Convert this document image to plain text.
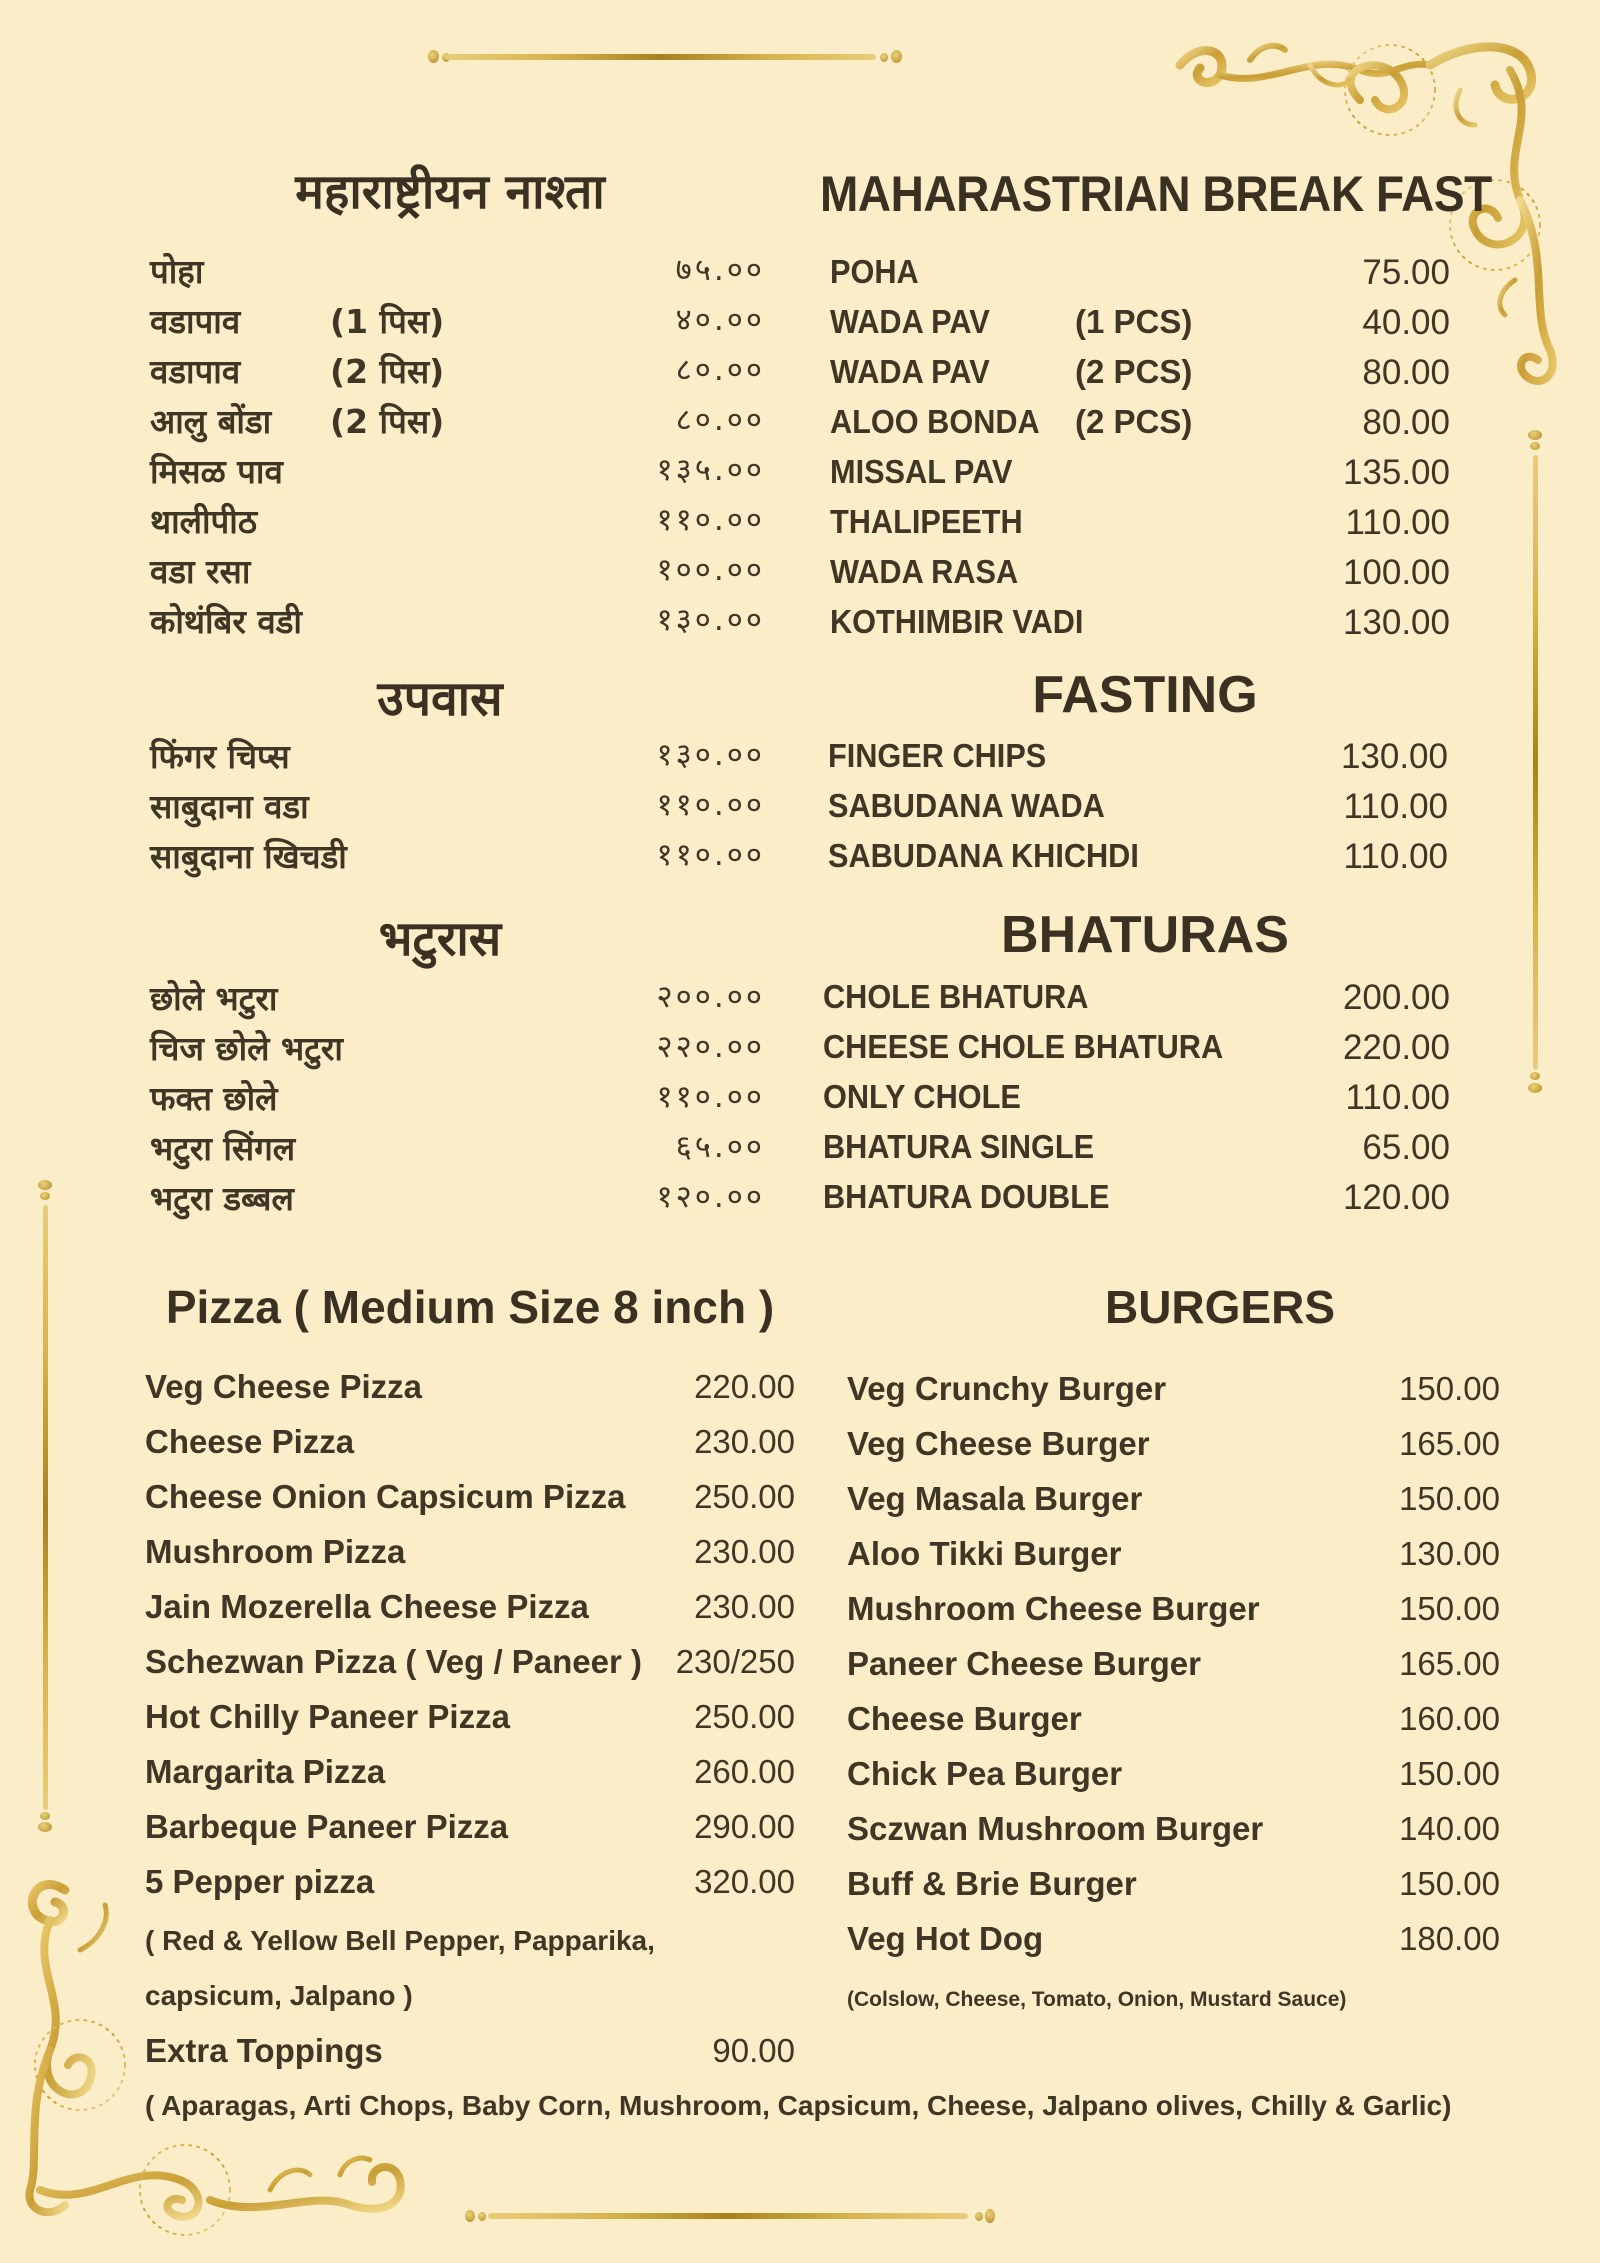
महाराष्ट्रीयन नाश्ता
पोहा	७५.००
वडापाव	(1 पिस)	४०.००
वडापाव	(2 पिस)	८०.००
आलु बोंडा (2 पिस)	८०.००
मिसळ पाव	१३५.००
थालीपीठ	११०.००
वडा रसा	१००.००
कोथंबिर वडी	१३०.००
MAHARASTRIAN BREAK FAST
POHA	75.00
WADA PAV	(1 PCS)	40.00
WADA PAV	(2 PCS)	80.00
ALOO BONDA (2 PCS)	80.00
MISSAL PAV	135.00
THALIPEETH	110.00
WADA RASA	100.00
KOTHIMBIR VADI	130.00
उपवास
फिंगर चिप्स	१३०.००
साबुदाना वडा	११०.००
साबुदाना खिचडी	११०.००
FASTING
FINGER CHIPS	130.00
SABUDANA WADA	110.00
SABUDANA KHICHDI	110.00
भटुरास
छोले भटुरा	२००.००
चिज छोले भटुरा	२२०.००
फक्त छोले	११०.००
भटुरा सिंगल	६५.००
भटुरा डब्बल	१२०.००
BHATURAS
CHOLE BHATURA	200.00
CHEESE CHOLE BHATURA	220.00
ONLY CHOLE	110.00
BHATURA SINGLE	65.00
BHATURA DOUBLE	120.00
Pizza ( Medium Size 8 inch )
Veg Cheese Pizza	220.00
Cheese Pizza	230.00
Cheese Onion Capsicum Pizza 250.00
Mushroom Pizza	230.00
Jain Mozerella Cheese Pizza	230.00
Schezwan Pizza ( Veg / Paneer ) 230/250
Hot Chilly Paneer Pizza	250.00
Margarita Pizza	260.00
Barbeque Paneer Pizza	290.00
5 Pepper pizza	320.00
( Red & Yellow Bell Pepper, Papparika,
capsicum, Jalpano )
Extra Toppings	90.00
( Aparagas, Arti Chops, Baby Corn, Mushroom, Capsicum, Cheese, Jalpano olives, Chilly & Garlic)
BURGERS
Veg Crunchy Burger	150.00
Veg Cheese Burger	165.00
Veg Masala Burger	150.00
Aloo Tikki Burger	130.00
Mushroom Cheese Burger	150.00
Paneer Cheese Burger	165.00
Cheese Burger	160.00
Chick Pea Burger	150.00
Sczwan Mushroom Burger	140.00
Buff & Brie Burger	150.00
Veg Hot Dog	180.00
(Colslow, Cheese, Tomato, Onion, Mustard Sauce)
